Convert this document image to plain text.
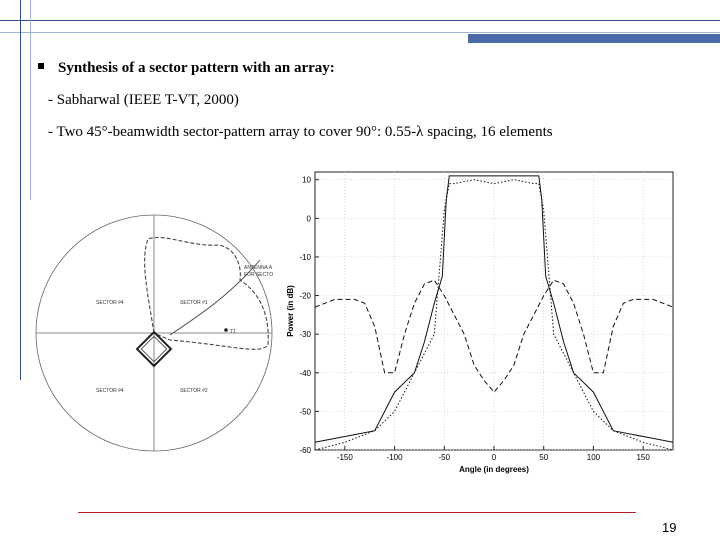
Synthesis of a sector pattern with an array:
- Sabharwal (IEEE T-VT, 2000)
- Two 45°-beamwidth sector-pattern array to cover 90°: 0.55-λ spacing, 16 elements
SECTOR #4	SECTOR #1
SECTOR #4	SECTOR #2
ANTENNA A
FOR SECTO
T1
-150	-100	-50	0	50	100	150
10
0
-10
-20
-30
-40
-50
-60
Angle (in degrees)
Power (in dB)
19
